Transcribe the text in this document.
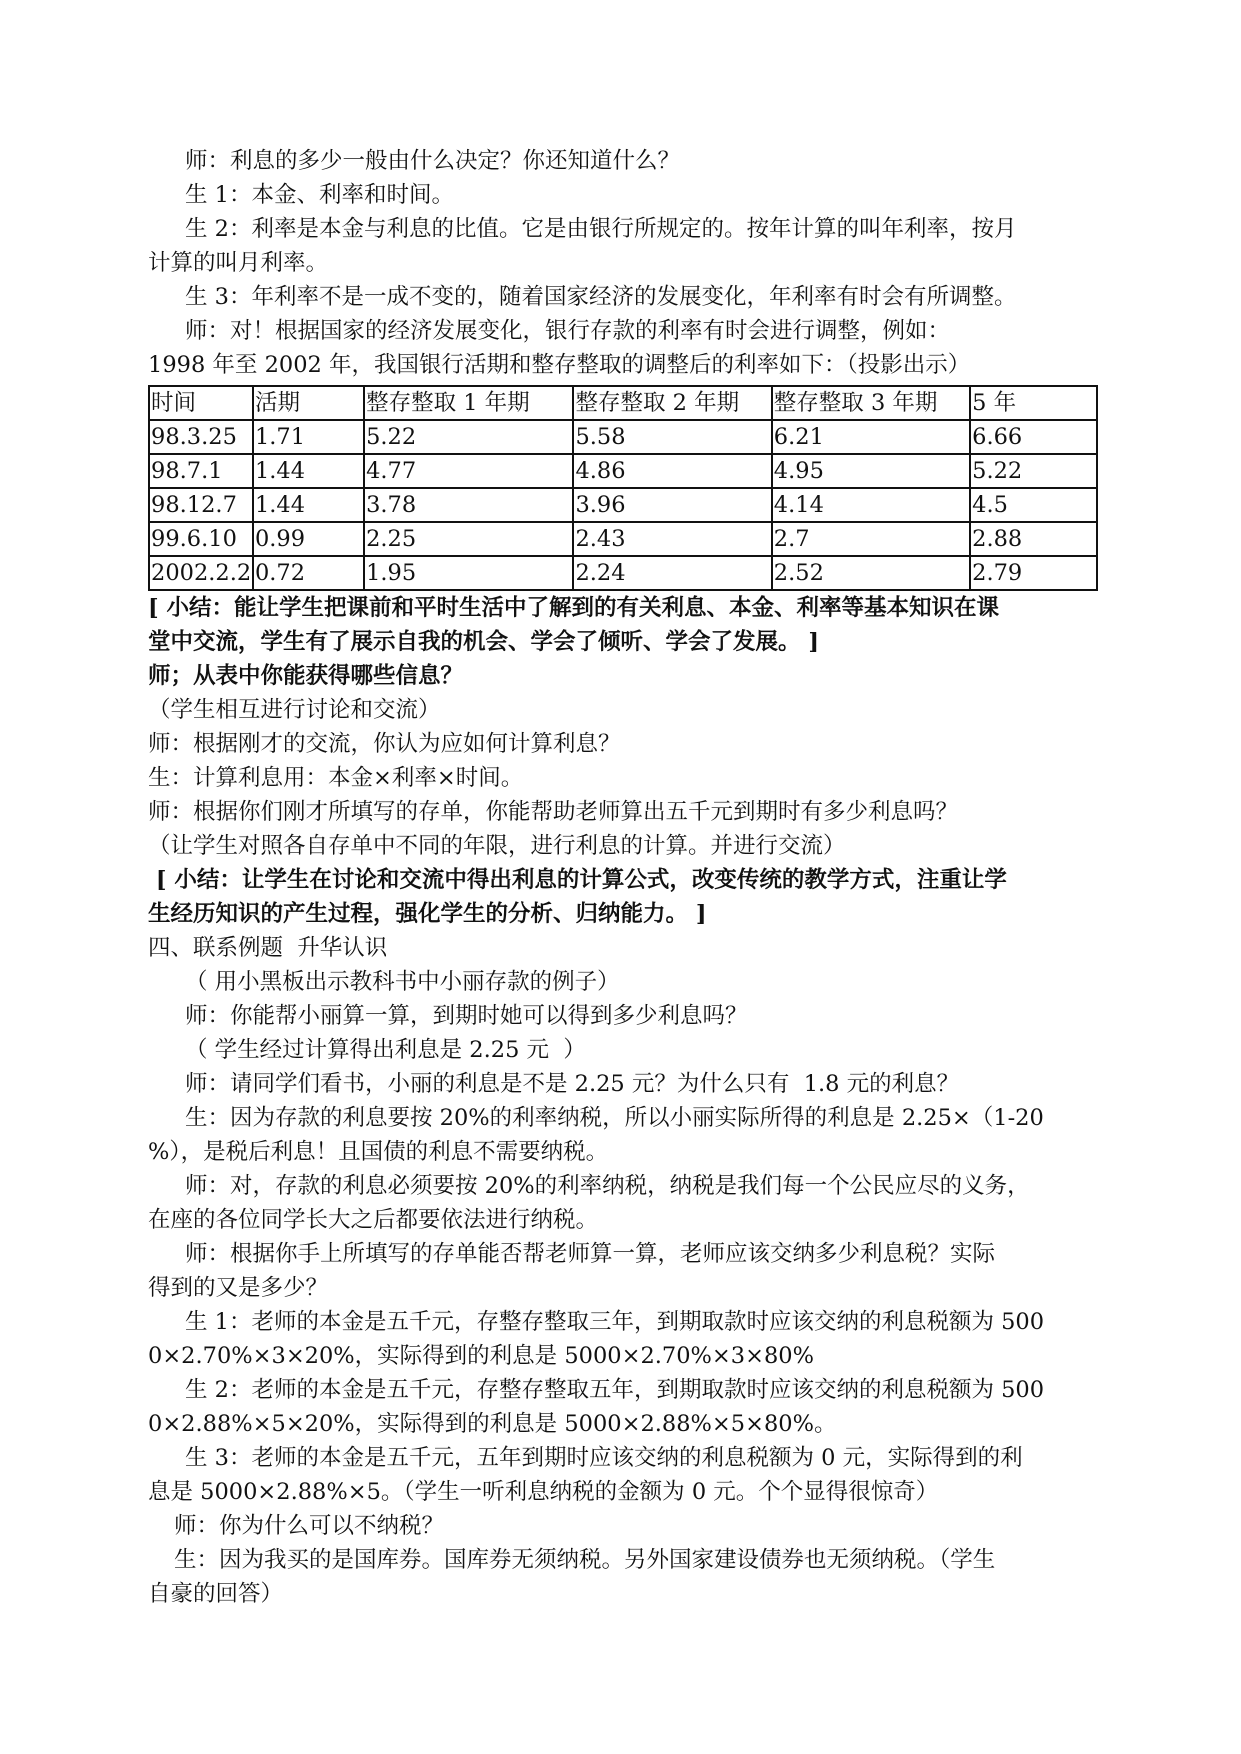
师：利息的多少一般由什么决定？你还知道什么？

生 1：本金、利率和时间。

生 2：利率是本金与利息的比值。它是由银行所规定的。按年计算的叫年利率，按月

计算的叫月利率。

生 3：年利率不是一成不变的，随着国家经济的发展变化，年利率有时会有所调整。

师：对！根据国家的经济发展变化，银行存款的利率有时会进行调整，例如：

1998 年至 2002 年，我国银行活期和整存整取的调整后的利率如下：（投影出示）

时间	活期	整存整取 1 年期	整存整取 2 年期	整存整取 3 年期	5 年
98.3.25	1.71	5.22	5.58	6.21	6.66
98.7.1	1.44	4.77	4.86	4.95	5.22
98.12.7	1.44	3.78	3.96	4.14	4.5
99.6.10	0.99	2.25	2.43	2.7	2.88
2002.2.2	0.72	1.95	2.24	2.52	2.79

[ 小结：能让学生把课前和平时生活中了解到的有关利息、本金、利率等基本知识在课

堂中交流，学生有了展示自我的机会、学会了倾听、学会了发展。 ]

师；从表中你能获得哪些信息？

（学生相互进行讨论和交流）

师：根据刚才的交流，你认为应如何计算利息？

生：计算利息用：本金×利率×时间。

师：根据你们刚才所填写的存单，你能帮助老师算出五千元到期时有多少利息吗？

（让学生对照各自存单中不同的年限，进行利息的计算。并进行交流）

[ 小结：让学生在讨论和交流中得出利息的计算公式，改变传统的教学方式，注重让学

生经历知识的产生过程，强化学生的分析、归纳能力。 ]

四、联系例题  升华认识

（ 用小黑板出示教科书中小丽存款的例子）

师：你能帮小丽算一算，到期时她可以得到多少利息吗？

（ 学生经过计算得出利息是 2.25 元  ）

师：请同学们看书，小丽的利息是不是 2.25 元？为什么只有  1.8 元的利息？

生：因为存款的利息要按 20%的利率纳税，所以小丽实际所得的利息是 2.25×（1-20

%），是税后利息！且国债的利息不需要纳税。

师：对，存款的利息必须要按 20%的利率纳税，纳税是我们每一个公民应尽的义务，

在座的各位同学长大之后都要依法进行纳税。

师：根据你手上所填写的存单能否帮老师算一算，老师应该交纳多少利息税？实际

得到的又是多少？

生 1：老师的本金是五千元，存整存整取三年，到期取款时应该交纳的利息税额为 500

0×2.70%×3×20%，实际得到的利息是 5000×2.70%×3×80%

生 2：老师的本金是五千元，存整存整取五年，到期取款时应该交纳的利息税额为 500

0×2.88%×5×20%，实际得到的利息是 5000×2.88%×5×80%。

生 3：老师的本金是五千元，五年到期时应该交纳的利息税额为 0 元，实际得到的利

息是 5000×2.88%×5。（学生一听利息纳税的金额为 0 元。个个显得很惊奇）

师：你为什么可以不纳税？

生：因为我买的是国库券。国库券无须纳税。另外国家建设债券也无须纳税。（学生

自豪的回答）
